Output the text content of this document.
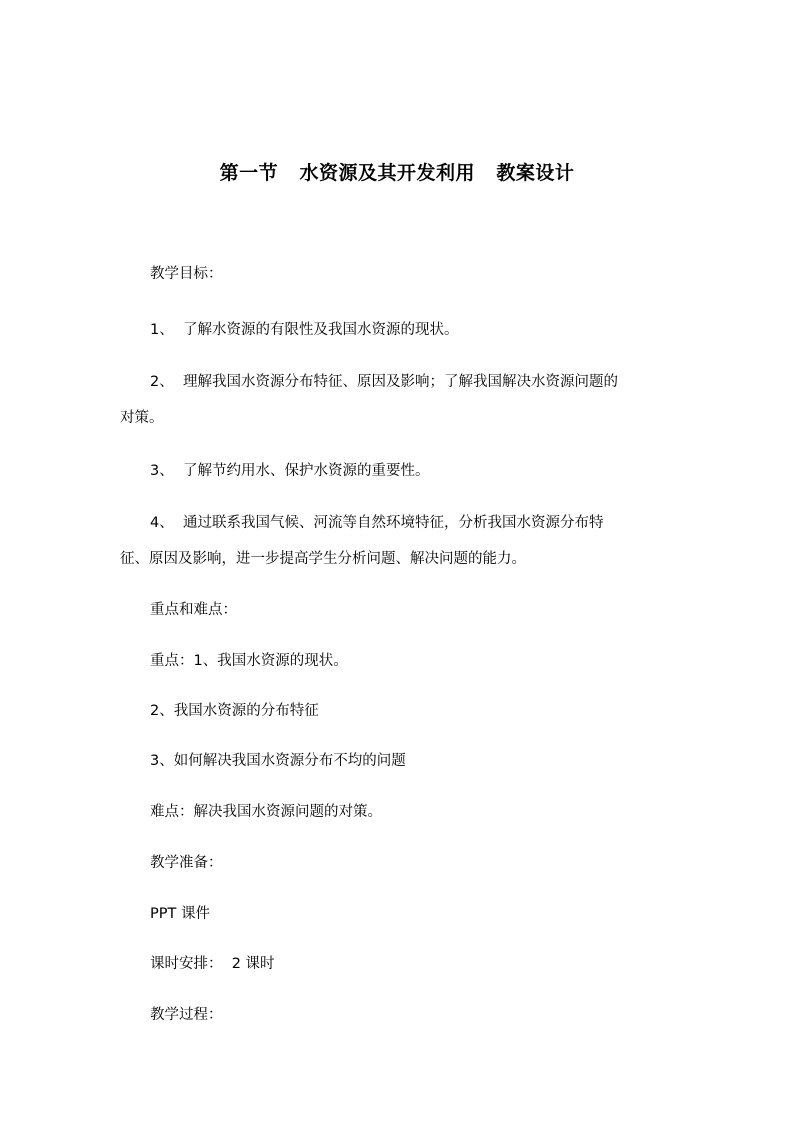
第一节   水资源及其开发利用   教案设计
教学目标：
1、  了解水资源的有限性及我国水资源的现状。
2、  理解我国水资源分布特征、原因及影响；了解我国解决水资源问题的
对策。
3、  了解节约用水、保护水资源的重要性。
4、  通过联系我国气候、河流等自然环境特征，分析我国水资源分布特
征、原因及影响，进一步提高学生分析问题、解决问题的能力。
重点和难点：
重点：1、我国水资源的现状。
2、我国水资源的分布特征
3、如何解决我国水资源分布不均的问题
难点：解决我国水资源问题的对策。
教学准备：
PPT 课件
课时安排：  2 课时
教学过程：
